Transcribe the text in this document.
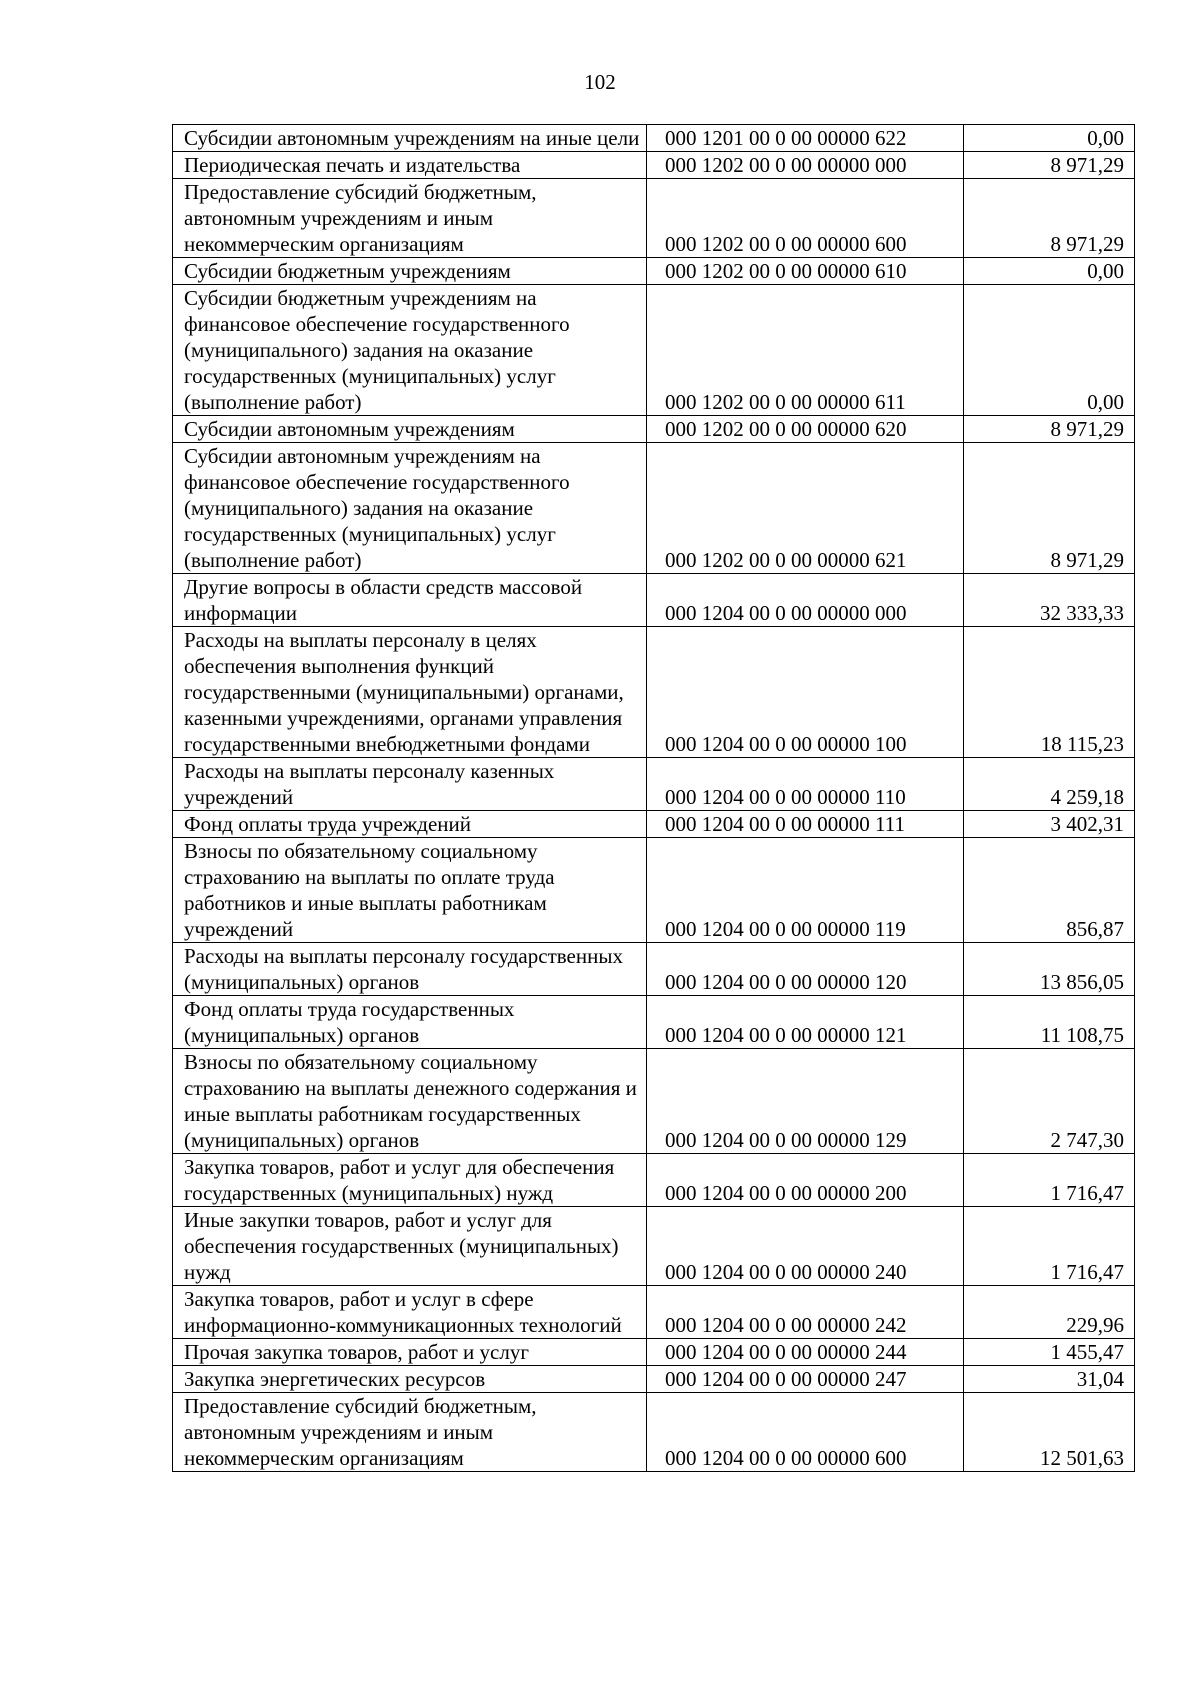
102
Субсидии автономным учреждениям на иные цели	000 1201 00 0 00 00000 622	0,00
Периодическая печать и издательства	000 1202 00 0 00 00000 000	8 971,29
Предоставление субсидий бюджетным, автономным учреждениям и иным некоммерческим организациям	000 1202 00 0 00 00000 600	8 971,29
Субсидии бюджетным учреждениям	000 1202 00 0 00 00000 610	0,00
Субсидии бюджетным учреждениям на финансовое обеспечение государственного (муниципального) задания на оказание государственных (муниципальных) услуг (выполнение работ)	000 1202 00 0 00 00000 611	0,00
Субсидии автономным учреждениям	000 1202 00 0 00 00000 620	8 971,29
Субсидии автономным учреждениям на финансовое обеспечение государственного (муниципального) задания на оказание государственных (муниципальных) услуг (выполнение работ)	000 1202 00 0 00 00000 621	8 971,29
Другие вопросы в области средств массовой информации	000 1204 00 0 00 00000 000	32 333,33
Расходы на выплаты персоналу в целях обеспечения выполнения функций государственными (муниципальными) органами, казенными учреждениями, органами управления государственными внебюджетными фондами	000 1204 00 0 00 00000 100	18 115,23
Расходы на выплаты персоналу казенных учреждений	000 1204 00 0 00 00000 110	4 259,18
Фонд оплаты труда учреждений	000 1204 00 0 00 00000 111	3 402,31
Взносы по обязательному социальному страхованию на выплаты по оплате труда работников и иные выплаты работникам учреждений	000 1204 00 0 00 00000 119	856,87
Расходы на выплаты персоналу государственных (муниципальных) органов	000 1204 00 0 00 00000 120	13 856,05
Фонд оплаты труда государственных (муниципальных) органов	000 1204 00 0 00 00000 121	11 108,75
Взносы по обязательному социальному страхованию на выплаты денежного содержания и иные выплаты работникам государственных (муниципальных) органов	000 1204 00 0 00 00000 129	2 747,30
Закупка товаров, работ и услуг для обеспечения государственных (муниципальных) нужд	000 1204 00 0 00 00000 200	1 716,47
Иные закупки товаров, работ и услуг для обеспечения государственных (муниципальных) нужд	000 1204 00 0 00 00000 240	1 716,47
Закупка товаров, работ и услуг в сфере информационно-коммуникационных технологий	000 1204 00 0 00 00000 242	229,96
Прочая закупка товаров, работ и услуг	000 1204 00 0 00 00000 244	1 455,47
Закупка энергетических ресурсов	000 1204 00 0 00 00000 247	31,04
Предоставление субсидий бюджетным, автономным учреждениям и иным некоммерческим организациям	000 1204 00 0 00 00000 600	12 501,63
